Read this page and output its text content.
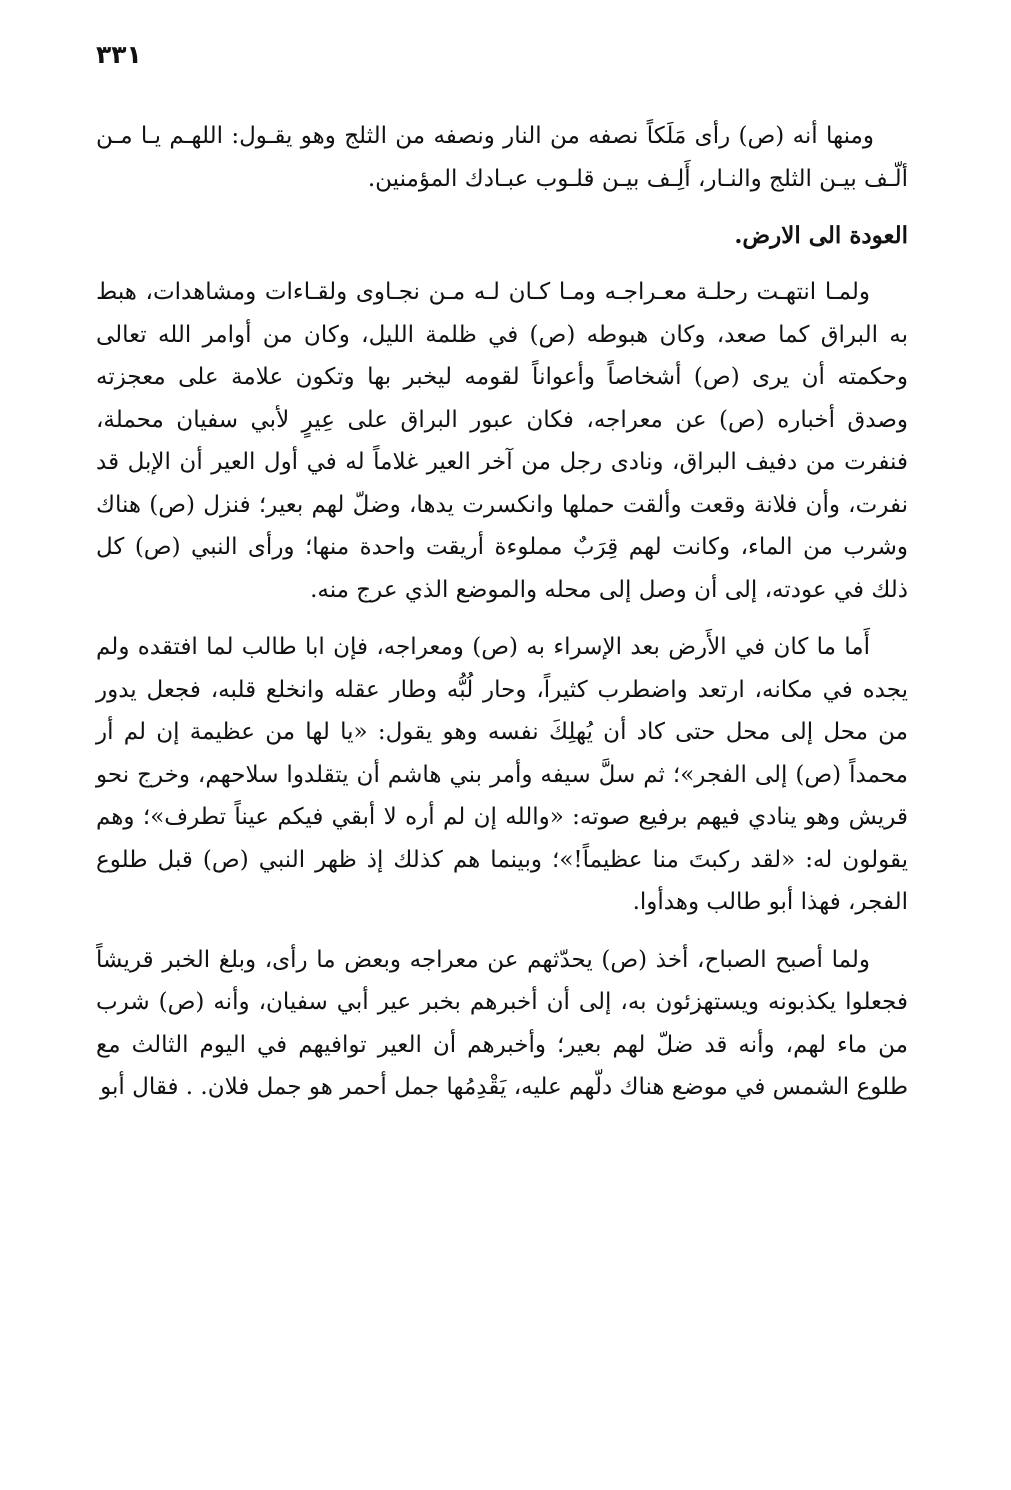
٣٣١

ومنها أنه (ص) رأى مَلَكاً نصفه من النار ونصفه من الثلج وهو يقـول: اللهـم يـا مـن ألّـف بيـن الثلج والنـار، أَلِـف بيـن قلـوب عبـادك المؤمنين.

العودة الى الارض.

ولمـا انتهـت رحلـة معـراجـه ومـا كـان لـه مـن نجـاوى ولقـاءات ومشاهدات، هبط به البراق كما صعد، وكان هبوطه (ص) في ظلمة الليل، وكان من أوامر الله تعالى وحكمته أن يرى (ص) أشخاصاً وأعواناً لقومه ليخبر بها وتكون علامة على معجزته وصدق أخباره (ص) عن معراجه، فكان عبور البراق على عِيرٍ لأبي سفيان محملة، فنفرت من دفيف البراق، ونادى رجل من آخر العير غلاماً له في أول العير أن الإبل قد نفرت، وأن فلانة وقعت وألقت حملها وانكسرت يدها، وضلّ لهم بعير؛ فنزل (ص) هناك وشرب من الماء، وكانت لهم قِرَبٌ مملوءة أريقت واحدة منها؛ ورأى النبي (ص) كل ذلك في عودته، إلى أن وصل إلى محله والموضع الذي عرج منه.

أَما ما كان في الأَرض بعد الإسراء به (ص) ومعراجه، فإن ابا طالب لما افتقده ولم يجده في مكانه، ارتعد واضطرب كثيراً، وحار لُبُّه وطار عقله وانخلع قلبه، فجعل يدور من محل إلى محل حتى كاد أن يُهلِكَ نفسه وهو يقول: «يا لها من عظيمة إن لم أر محمداً (ص) إلى الفجر»؛ ثم سلَّ سيفه وأمر بني هاشم أن يتقلدوا سلاحهم، وخرج نحو قريش وهو ينادي فيهم برفيع صوته: «والله إن لم أره لا أبقي فيكم عيناً تطرف»؛ وهم يقولون له: «لقد ركبتَ منا عظيماً!»؛ وبينما هم كذلك إذ ظهر النبي (ص) قبل طلوع الفجر، فهذا أبو طالب وهدأوا.

ولما أصبح الصباح، أخذ (ص) يحدّثهم عن معراجه وبعض ما رأى، وبلغ الخبر قريشاً فجعلوا يكذبونه ويستهزئون به، إلى أن أخبرهم بخبر عير أبي سفيان، وأنه (ص) شرب من ماء لهم، وأنه قد ضلّ لهم بعير؛ وأخبرهم أن العير توافيهم في اليوم الثالث مع طلوع الشمس في موضع هناك دلّهم عليه، يَقْدِمُها جمل أحمر هو جمل فلان. . فقال أبو
